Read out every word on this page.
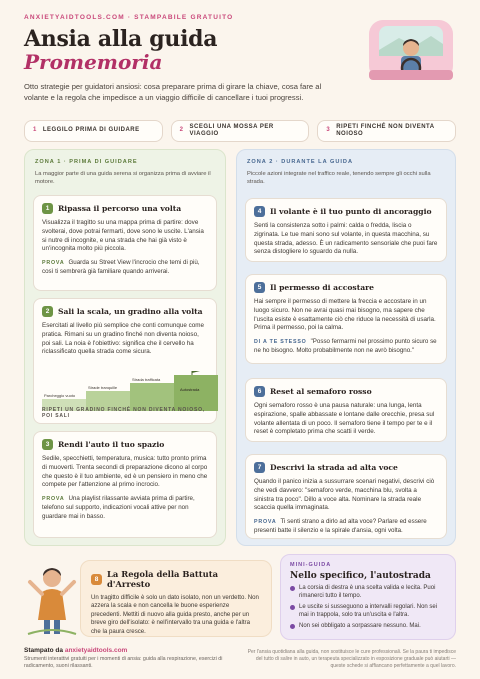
ANXIETYAIDTOOLS.COM · STAMPABILE GRATUITO
Ansia alla guida
Promemoria

Otto strategie per guidatori ansiosi: cosa preparare prima di girare la chiave, cosa fare al volante e la regola che impedisce a un viaggio difficile di cancellare i tuoi progressi.

1 LEGGILO PRIMA DI GUIDARE	2
SCEGLI UNA MOSSA PER VIAGGIO
3
RIPETI FINCHÉ NON DIVENTA NOIOSO
ZONA 1 · PRIMA DI GUIDARE
La maggior parte di una guida serena si organizza prima di avviare il motore.
1	Ripassa il percorso una volta
Visualizza il tragitto su una mappa prima di partire: dove svolterai, dove potrai fermarti, dove sono le uscite. L'ansia si nutre di incognite, e una strada che hai già visto è un'incognita molto più piccola.
PROVA Guarda su Street View l'incrocio che temi di più, così ti sembrerà già familiare quando arriverai.
2	Sali la scala, un gradino alla volta
Esercitati al livello più semplice che conti comunque come pratica. Rimani su un gradino finché non diventa noioso, poi sali. La noia è l'obiettivo: significa che il cervello ha riclassificato quella strada come sicura.
Parcheggio vuoto
Strade tranquille
Strada trafficata
Autostrada
RIPETI UN GRADINO FINCHÉ NON DIVENTA NOIOSO, POI SALI
3	Rendi l'auto il tuo spazio
Sedile, specchietti, temperatura, musica: tutto pronto prima di muoverti. Trenta secondi di preparazione dicono al corpo che questo è il tuo ambiente, ed è un pensiero in meno che compete per l'attenzione al primo incrocio.
PROVA Una playlist rilassante avviata prima di partire, telefono sul supporto, indicazioni vocali attive per non guardare mai in basso.
ZONA 2 · DURANTE LA GUIDA
Piccole azioni integrate nel traffico reale, tenendo sempre gli occhi sulla strada.
4	Il volante è il tuo punto di ancoraggio
Senti la consistenza sotto i palmi: calda o fredda, liscia o zigrinata. Le tue mani sono sul volante, in questa macchina, su questa strada, adesso. È un radicamento sensoriale che puoi fare senza distogliere lo sguardo da nulla.
5	Il permesso di accostare
Hai sempre il permesso di mettere la freccia e accostare in un luogo sicuro. Non ne avrai quasi mai bisogno, ma sapere che l'uscita esiste è esattamente ciò che riduce la necessità di usarla. Prima il permesso, poi la calma.
DI A TE STESSO "Posso fermarmi nel prossimo punto sicuro se ne ho bisogno. Molto probabilmente non ne avrò bisogno."
6	Reset al semaforo rosso
Ogni semaforo rosso è una pausa naturale: una lunga, lenta espirazione, spalle abbassate e lontane dalle orecchie, presa sul volante allentata di un poco. Il semaforo tiene il tempo per te e il reset è completato prima che scatti il verde.
7	Descrivi la strada ad alta voce
Quando il panico inizia a sussurrare scenari negativi, descrivi ciò che vedi davvero: "semaforo verde, macchina blu, svolta a sinistra tra poco". Dillo a voce alta. Nominare la strada reale scaccia quella immaginata.
PROVA Ti senti strano a dirlo ad alta voce? Parlare ed essere presenti batte il silenzio e la spirale d'ansia, ogni volta.
8	La Regola della Battuta d'Arresto
Un tragitto difficile è solo un dato isolato, non un verdetto. Non azzera la scala e non cancella le buone esperienze precedenti. Mettiti di nuovo alla guida presto, anche per un breve giro dell'isolato: è nell'intervallo tra una guida e l'altra che la paura cresce.
MINI-GUIDA
Nello specifico, l'autostrada
La corsia di destra è una scelta valida e lecita. Puoi rimanerci tutto il tempo.
Le uscite si susseguono a intervalli regolari. Non sei mai in trappola, solo tra un'uscita e l'altra.
Non sei obbligato a sorpassare nessuno. Mai.
Stampato da anxietyaidtools.com
Strumenti interattivi gratuiti per i momenti di ansia: guida alla respirazione, esercizi di radicamento, suoni rilassanti.
Per l'ansia quotidiana alla guida, non sostituisce le cure professionali. Se la paura ti impedisce del tutto di salire in auto, un terapeuta specializzato in esposizione graduale può aiutarti — queste schede si affiancano perfettamente a quel lavoro.
